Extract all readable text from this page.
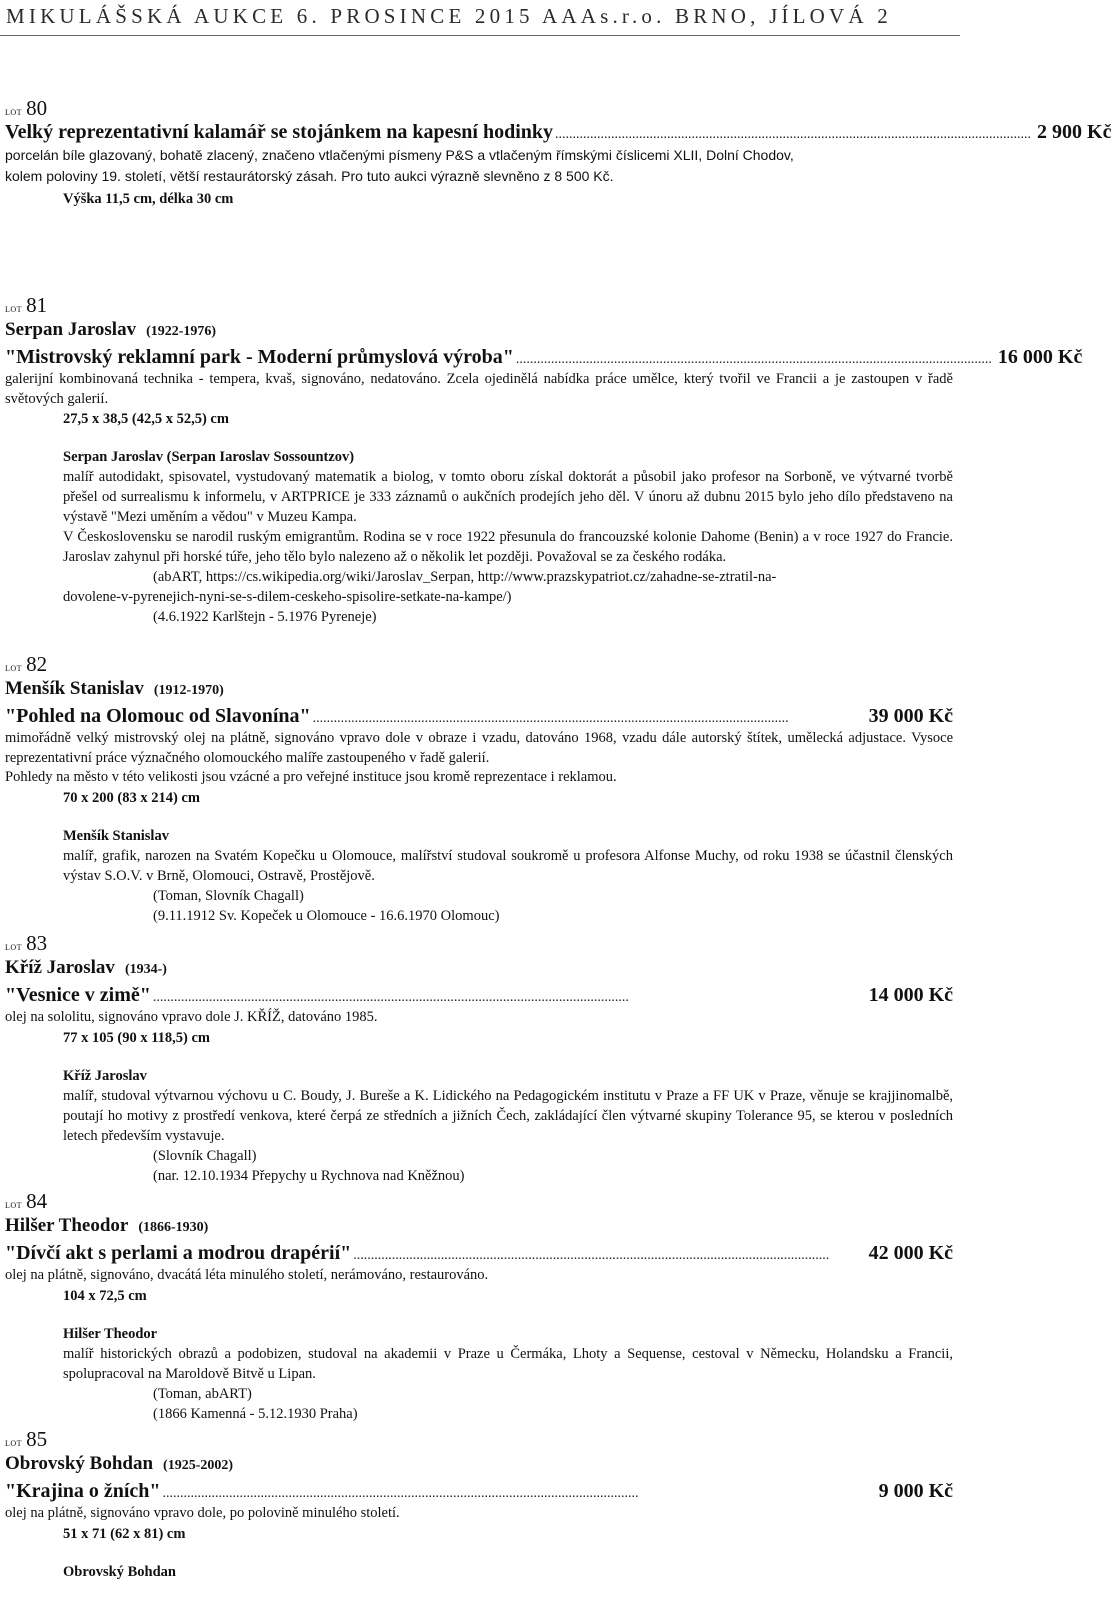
MIKULÁŠSKÁ AUKCE 6. PROSINCE 2015 AAAs.r.o. BRNO, JÍLOVÁ 2
LOT 80
Velký reprezentativní kalamář se stojánkem na kapesní hodinky ........................................................................................................................................ 2 900 Kč
porcelán bíle glazovaný, bohatě zlacený, značeno vtlačenými písmeny P&S a vtlačeným římskými číslicemi XLII, Dolní Chodov,
kolem poloviny 19. století, větší restaurátorský zásah. Pro tuto aukci výrazně slevněno z 8 500 Kč.
Výška 11,5 cm, délka 30 cm
LOT 81
Serpan Jaroslav (1922-1976)
"Mistrovský reklamní park - Moderní průmyslová výroba" ........................................................................................................................................ 16 000 Kč
galerijní kombinovaná technika - tempera, kvaš, signováno, nedatováno. Zcela ojedinělá nabídka práce umělce, který tvořil ve Francii a je zastoupen v řadě světových galerií.
27,5 x 38,5 (42,5 x 52,5) cm
Serpan Jaroslav (Serpan Iaroslav Sossountzov)
malíř autodidakt, spisovatel, vystudovaný matematik a biolog, v tomto oboru získal doktorát a působil jako profesor na Sorboně, ve výtvarné tvorbě přešel od surrealismu k informelu, v ARTPRICE je 333 záznamů o aukčních prodejích jeho děl. V únoru až dubnu 2015 bylo jeho dílo představeno na výstavě "Mezi uměním a vědou" v Muzeu Kampa.
V Československu se narodil ruským emigrantům. Rodina se v roce 1922 přesunula do francouzské kolonie Dahome (Benin) a v roce 1927 do Francie. Jaroslav zahynul při horské túře, jeho tělo bylo nalezeno až o několik let později. Považoval se za českého rodáka.
(abART, https://cs.wikipedia.org/wiki/Jaroslav_Serpan, http://www.prazskypatriot.cz/zahadne-se-ztratil-na-
dovolene-v-pyrenejich-nyni-se-s-dilem-ceskeho-spisolire-setkate-na-kampe/)
(4.6.1922 Karlštejn - 5.1976 Pyreneje)
LOT 82
Menšík Stanislav (1912-1970)
"Pohled na Olomouc od Slavonína" ........................................................................................................................................	39 000 Kč
mimořádně velký mistrovský olej na plátně, signováno vpravo dole v obraze i vzadu, datováno 1968, vzadu dále autorský štítek, umělecká adjustace. Vysoce reprezentativní práce význačného olomouckého malíře zastoupeného v řadě galerií.
Pohledy na město v této velikosti jsou vzácné a pro veřejné instituce jsou kromě reprezentace i reklamou.
70 x 200 (83 x 214) cm
Menšík Stanislav
malíř, grafik, narozen na Svatém Kopečku u Olomouce, malířství studoval soukromě u profesora Alfonse Muchy, od roku 1938 se účastnil členských výstav S.O.V. v Brně, Olomouci, Ostravě, Prostějově.
(Toman, Slovník Chagall)
(9.11.1912 Sv. Kopeček u Olomouce - 16.6.1970 Olomouc)
LOT 83
Kříž Jaroslav (1934-)
"Vesnice v zimě" ........................................................................................................................................	14 000 Kč
olej na sololitu, signováno vpravo dole J. KŘÍŽ, datováno 1985.
77 x 105 (90 x 118,5) cm
Kříž Jaroslav
malíř, studoval výtvarnou výchovu u C. Boudy, J. Bureše a K. Lidického na Pedagogickém institutu v Praze a FF UK v Praze, věnuje se krajjinomalbě, poutají ho motivy z prostředí venkova, které čerpá ze středních a jižních Čech, zakládající člen výtvarné skupiny Tolerance 95, se kterou v posledních letech především vystavuje.
(Slovník Chagall)
(nar. 12.10.1934 Přepychy u Rychnova nad Kněžnou)
LOT 84
Hilšer Theodor (1866-1930)
"Dívčí akt s perlami a modrou drapérií" ........................................................................................................................................	42 000 Kč
olej na plátně, signováno, dvacátá léta minulého století, nerámováno, restaurováno.
104 x 72,5 cm
Hilšer Theodor
malíř historických obrazů a podobizen, studoval na akademii v Praze u Čermáka, Lhoty a Sequense, cestoval v Německu, Holandsku a Francii, spolupracoval na Maroldově Bitvě u Lipan.
(Toman, abART)
(1866 Kamenná - 5.12.1930 Praha)
LOT 85
Obrovský Bohdan (1925-2002)
"Krajina o žních" ........................................................................................................................................	9 000 Kč
olej na plátně, signováno vpravo dole, po polovině minulého století.
51 x 71 (62 x 81) cm
Obrovský Bohdan
